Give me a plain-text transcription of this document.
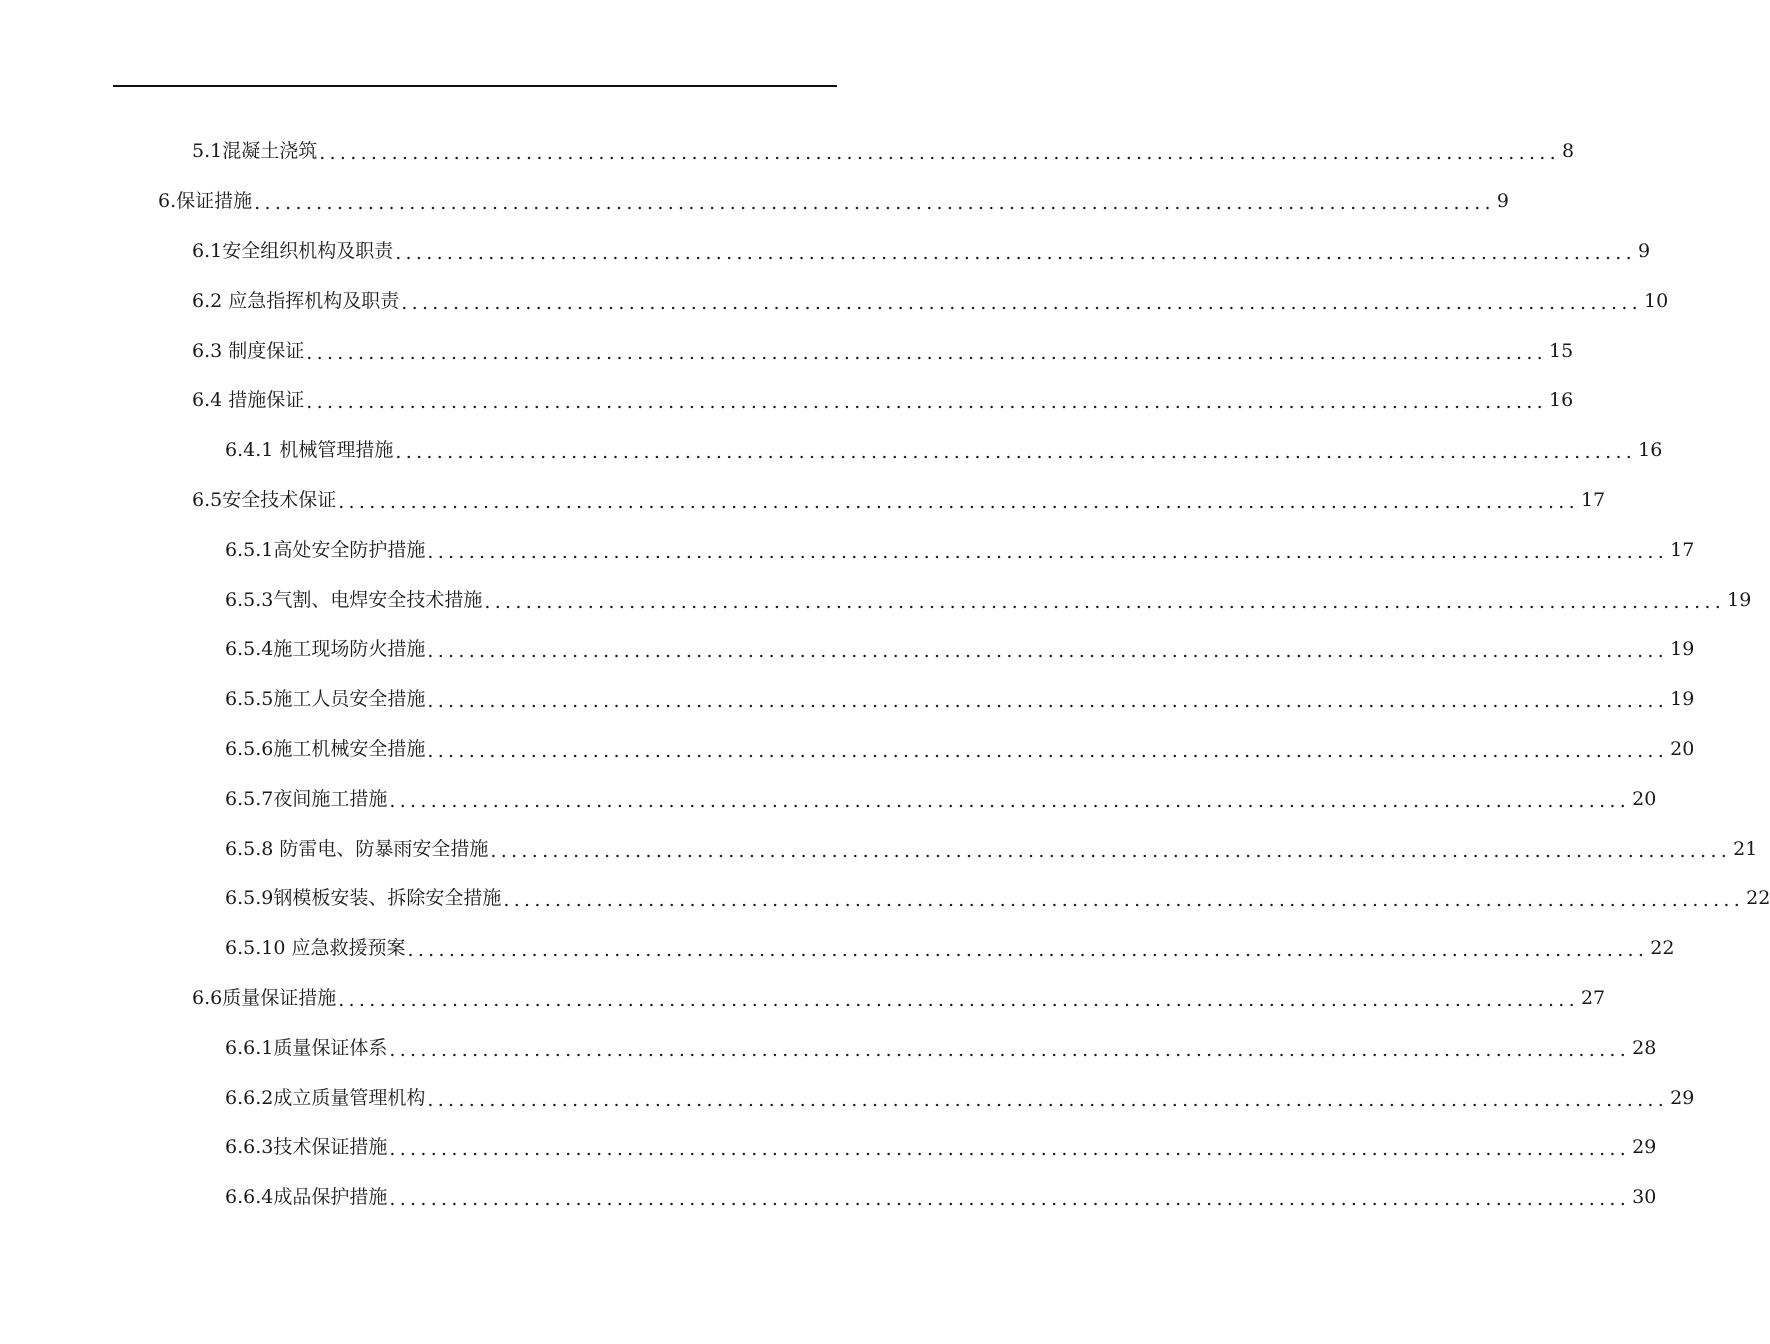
5.1混凝土浇筑 ........................................................................................................................ 8
6.保证措施 ........................................................................................................................ 9
6.1安全组织机构及职责 ........................................................................................................................ 9
6.2 应急指挥机构及职责 ........................................................................................................................ 10
6.3 制度保证 ........................................................................................................................ 15
6.4 措施保证 ........................................................................................................................ 16
6.4.1 机械管理措施 ........................................................................................................................ 16
6.5安全技术保证 ........................................................................................................................ 17
6.5.1高处安全防护措施 ........................................................................................................................ 17
6.5.3气割、电焊安全技术措施 ........................................................................................................................ 19
6.5.4施工现场防火措施 ........................................................................................................................ 19
6.5.5施工人员安全措施 ........................................................................................................................ 19
6.5.6施工机械安全措施 ........................................................................................................................ 20
6.5.7夜间施工措施 ........................................................................................................................ 20
6.5.8 防雷电、防暴雨安全措施 ........................................................................................................................ 21
6.5.9钢模板安装、拆除安全措施 ........................................................................................................................ 22
6.5.10 应急救援预案 ........................................................................................................................ 22
6.6质量保证措施 ........................................................................................................................ 27
6.6.1质量保证体系 ........................................................................................................................ 28
6.6.2成立质量管理机构 ........................................................................................................................ 29
6.6.3技术保证措施 ........................................................................................................................ 29
6.6.4成品保护措施 ........................................................................................................................ 30
